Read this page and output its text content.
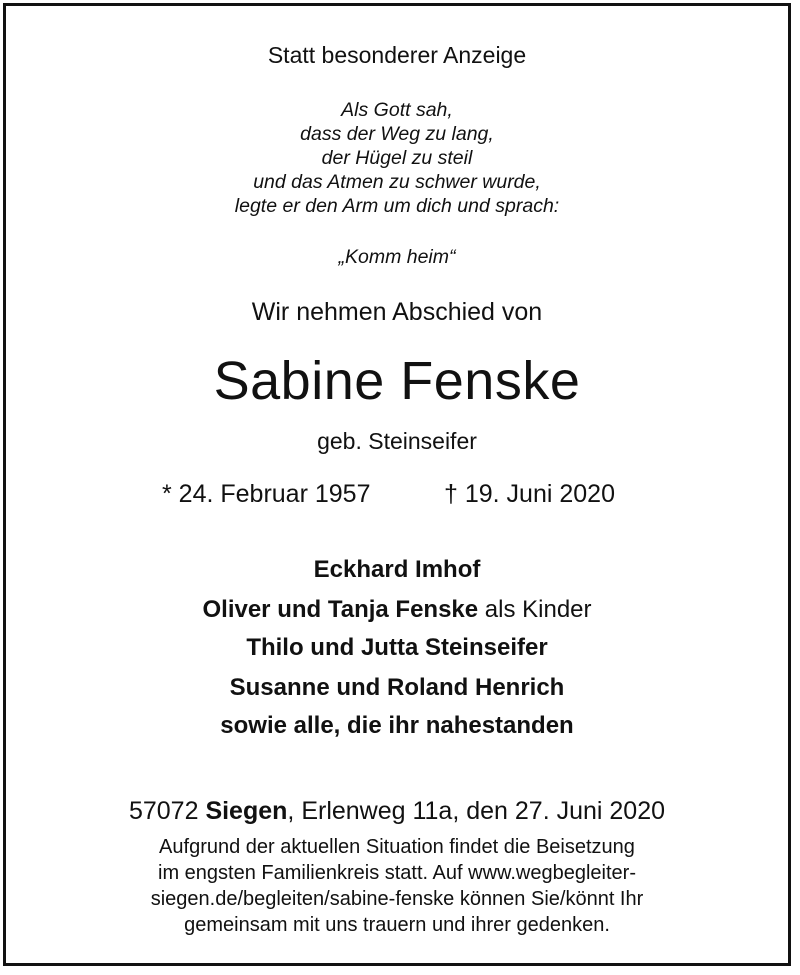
Statt besonderer Anzeige
Als Gott sah,
dass der Weg zu lang,
der Hügel zu steil
und das Atmen zu schwer wurde,
legte er den Arm um dich und sprach:
„Komm heim“
Wir nehmen Abschied von
Sabine Fenske
geb. Steinseifer
* 24. Februar 1957	† 19. Juni 2020
Eckhard Imhof
Oliver und Tanja Fenske als Kinder
Thilo und Jutta Steinseifer
Susanne und Roland Henrich
sowie alle, die ihr nahestanden
57072 Siegen, Erlenweg 11a, den 27. Juni 2020
Aufgrund der aktuellen Situation findet die Beisetzung
im engsten Familienkreis statt. Auf www.wegbegleiter-
siegen.de/begleiten/sabine-fenske können Sie/könnt Ihr
gemeinsam mit uns trauern und ihrer gedenken.
